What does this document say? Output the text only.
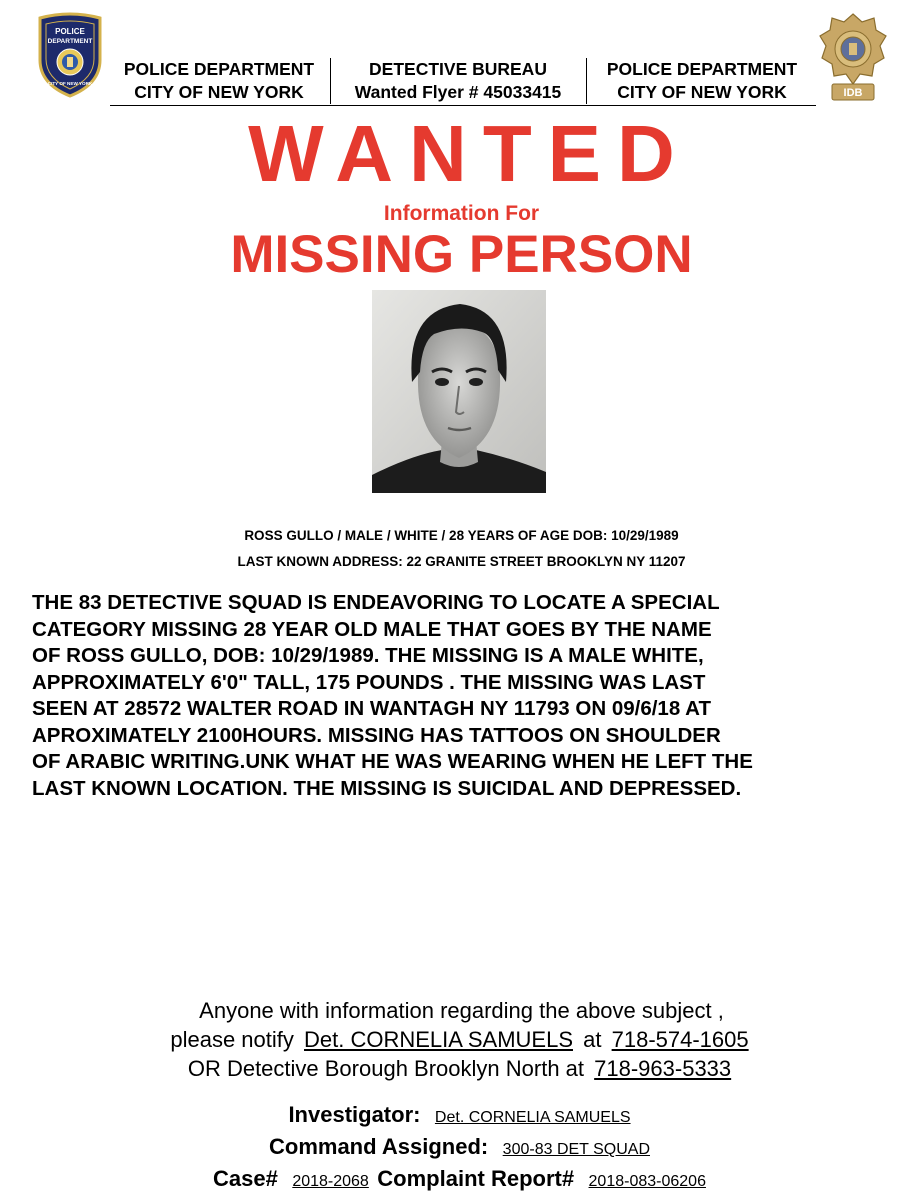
POLICE
DEPARTMENT
CITY OF NEW YORK
POLICE DEPARTMENT
CITY OF NEW YORK
DETECTIVE BUREAU
Wanted Flyer # 45033415
POLICE DEPARTMENT
CITY OF NEW YORK	IDB
WANTED
Information For
MISSING PERSON
ROSS GULLO / MALE / WHITE / 28 YEARS OF AGE DOB: 10/29/1989
LAST KNOWN ADDRESS: 22 GRANITE STREET BROOKLYN NY 11207
THE 83 DETECTIVE SQUAD IS ENDEAVORING TO LOCATE A SPECIAL
CATEGORY MISSING 28 YEAR OLD MALE THAT GOES BY THE NAME
OF ROSS GULLO, DOB: 10/29/1989. THE MISSING IS A MALE WHITE,
APPROXIMATELY 6'0" TALL, 175 POUNDS . THE MISSING WAS LAST
SEEN AT 28572 WALTER ROAD IN WANTAGH NY 11793 ON 09/6/18 AT
APROXIMATELY 2100HOURS. MISSING HAS TATTOOS ON SHOULDER
OF ARABIC WRITING.UNK WHAT HE WAS WEARING WHEN HE LEFT THE
LAST KNOWN LOCATION. THE MISSING IS SUICIDAL AND DEPRESSED.
Anyone with information regarding the above subject ,
please notify Det. CORNELIA SAMUELS at 718-574-1605
OR Detective Borough Brooklyn North at 718-963-5333
Investigator: Det. CORNELIA SAMUELS
Command Assigned: 300-83 DET SQUAD
Case# 2018-2068 Complaint Report# 2018-083-06206
